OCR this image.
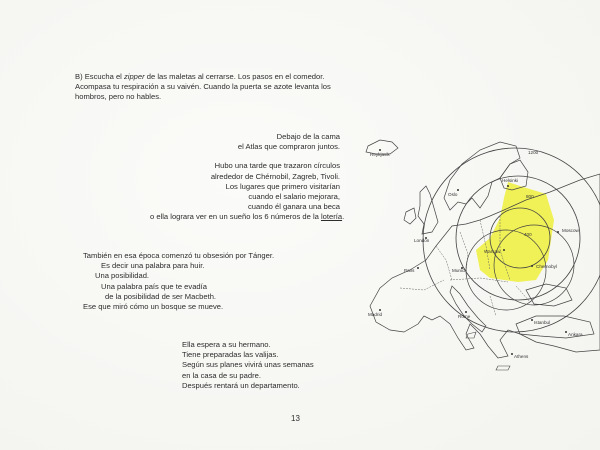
B) Escucha el zipper de las maletas al cerrarse. Los pasos en el comedor.
Acompasa tu respiración a su vaivén. Cuando la puerta se azote levanta los
hombros, pero no hables.
Debajo de la cama
el Atlas que compraron juntos.
Hubo una tarde que trazaron círculos
alrededor de Chérnobil, Zagreb, Tivoli.
Los lugares que primero visitarían
cuando el salario mejorara,
cuando él ganara una beca
o ella lograra ver en un sueño los 6 números de la lotería.
También en esa época comenzó tu obsesión por Tánger.
Es decir una palabra para huir.
Una posibilidad.
Una palabra país que te evadía
de la posibilidad de ser Macbeth.
Ese que miró cómo un bosque se mueve.
Ella espera a su hermano.
Tiene preparadas las valijas.
Según sus planes vivirá unas semanas
en la casa de su padre.
Después rentará un departamento.
Reykjavik
Oslo
Helsinki
1200
800
400
Moscow
Warsaw
Chernobyl
London
Paris	Munich
Rome
Madrid
Istanbul
Ankara
Athens
13
